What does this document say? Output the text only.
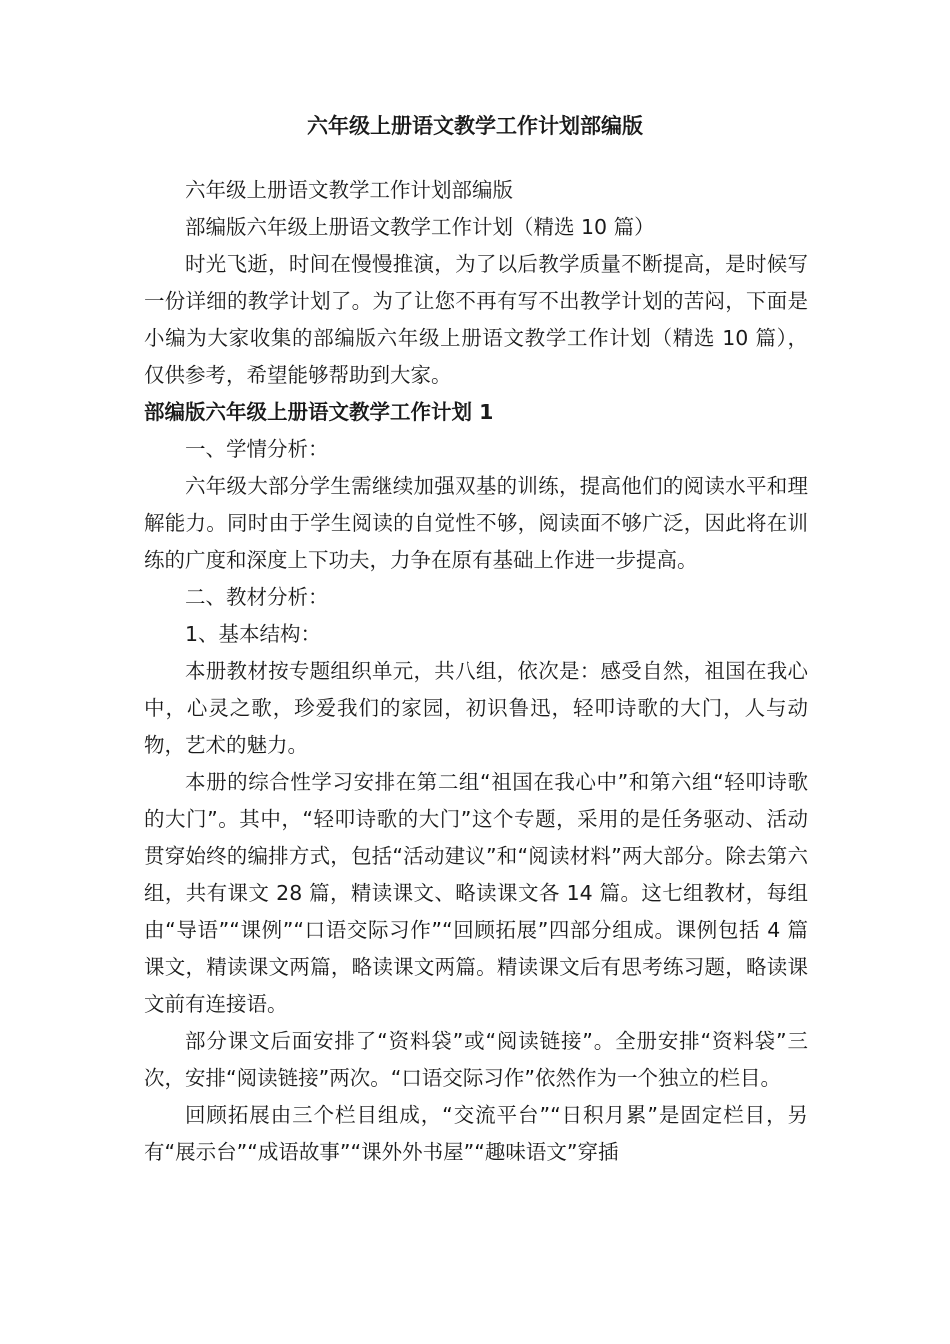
六年级上册语文教学工作计划部编版

六年级上册语文教学工作计划部编版

部编版六年级上册语文教学工作计划（精选 10 篇）

时光飞逝，时间在慢慢推演，为了以后教学质量不断提高，是时候写一份详细的教学计划了。为了让您不再有写不出教学计划的苦闷，下面是小编为大家收集的部编版六年级上册语文教学工作计划（精选 10 篇），仅供参考，希望能够帮助到大家。

部编版六年级上册语文教学工作计划 1

一、学情分析：

六年级大部分学生需继续加强双基的训练，提高他们的阅读水平和理解能力。同时由于学生阅读的自觉性不够，阅读面不够广泛，因此将在训练的广度和深度上下功夫，力争在原有基础上作进一步提高。

二、教材分析：

1、基本结构：

本册教材按专题组织单元，共八组，依次是：感受自然，祖国在我心中，心灵之歌，珍爱我们的家园，初识鲁迅，轻叩诗歌的大门，人与动物，艺术的魅力。

本册的综合性学习安排在第二组“祖国在我心中”和第六组“轻叩诗歌的大门”。其中，“轻叩诗歌的大门”这个专题，采用的是任务驱动、活动贯穿始终的编排方式，包括“活动建议”和“阅读材料”两大部分。除去第六组，共有课文 28 篇，精读课文、略读课文各 14 篇。这七组教材，每组由“导语”“课例”“口语交际习作”“回顾拓展”四部分组成。课例包括 4 篇课文，精读课文两篇，略读课文两篇。精读课文后有思考练习题，略读课文前有连接语。

部分课文后面安排了“资料袋”或“阅读链接”。全册安排“资料袋”三次，安排“阅读链接”两次。“口语交际习作”依然作为一个独立的栏目。

回顾拓展由三个栏目组成，“交流平台”“日积月累”是固定栏目，另有“展示台”“成语故事”“课外外书屋”“趣味语文”穿插
